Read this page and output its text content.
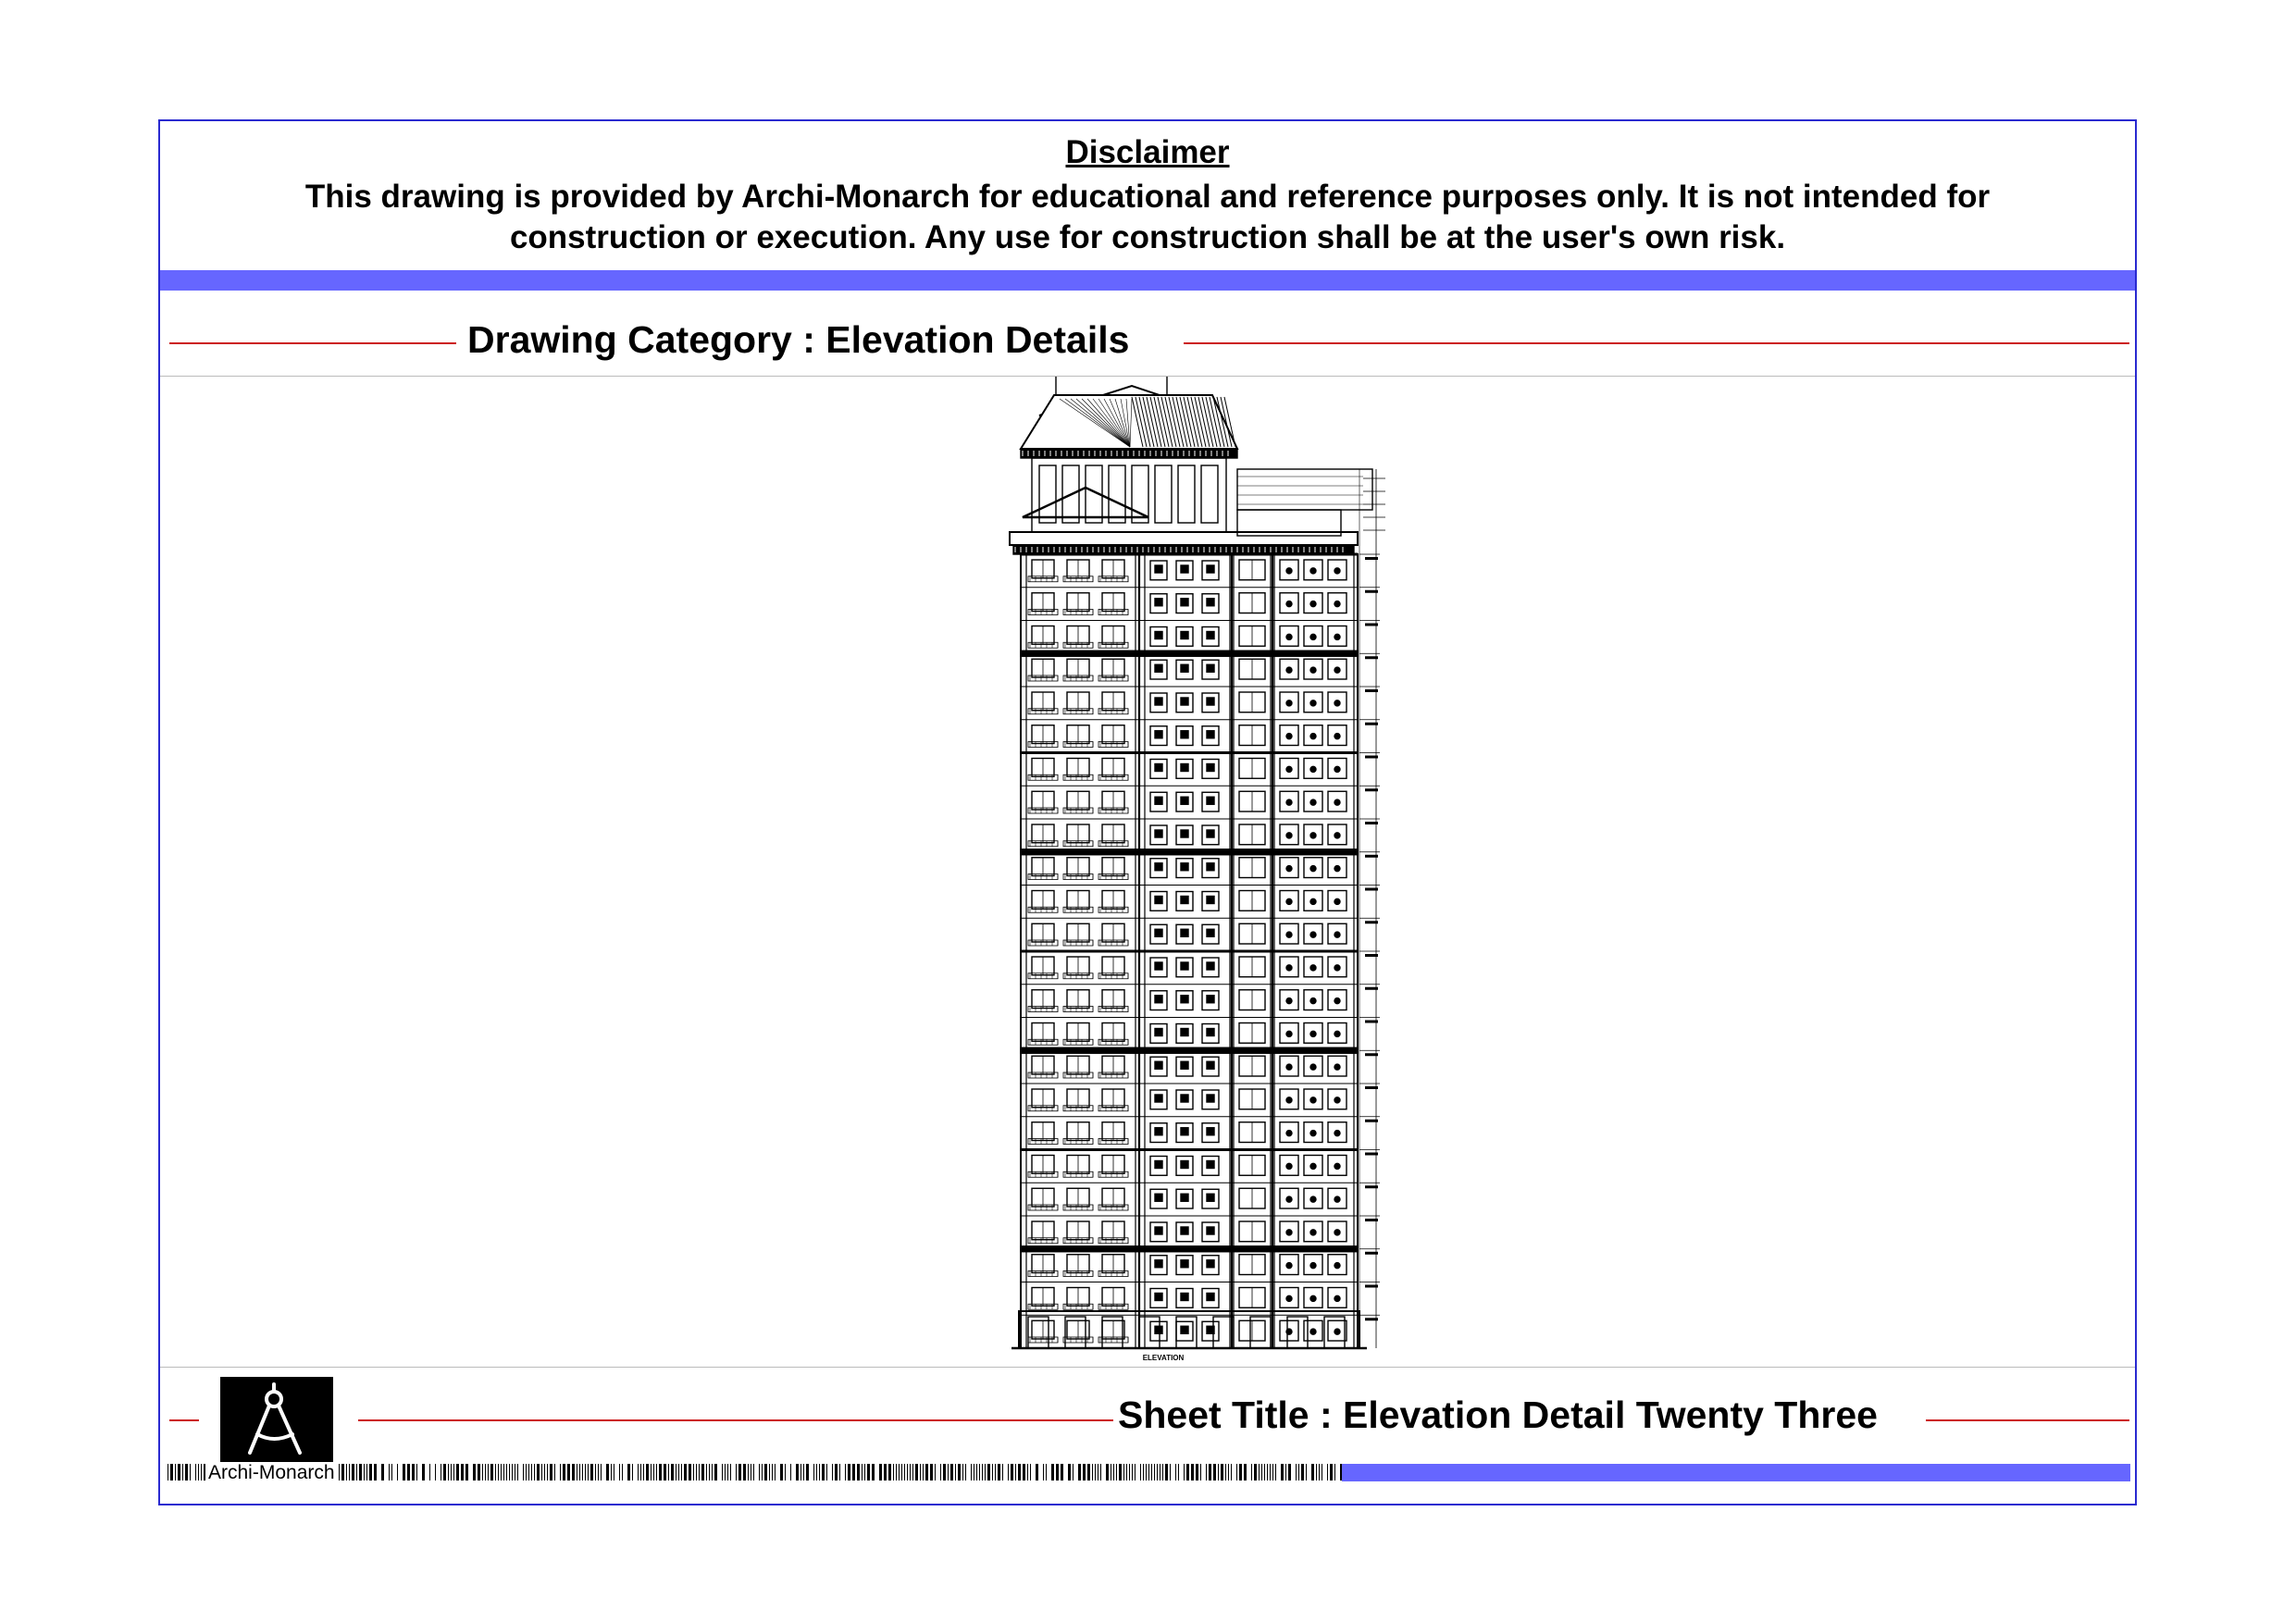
Disclaimer
This drawing is provided by Archi-Monarch for educational and reference purposes only. It is not intended for construction or execution. Any use for construction shall be at the user's own risk.
Drawing Category : Elevation Details
ELEVATION
Sheet Title : Elevation Detail Twenty Three
Archi-Monarch
